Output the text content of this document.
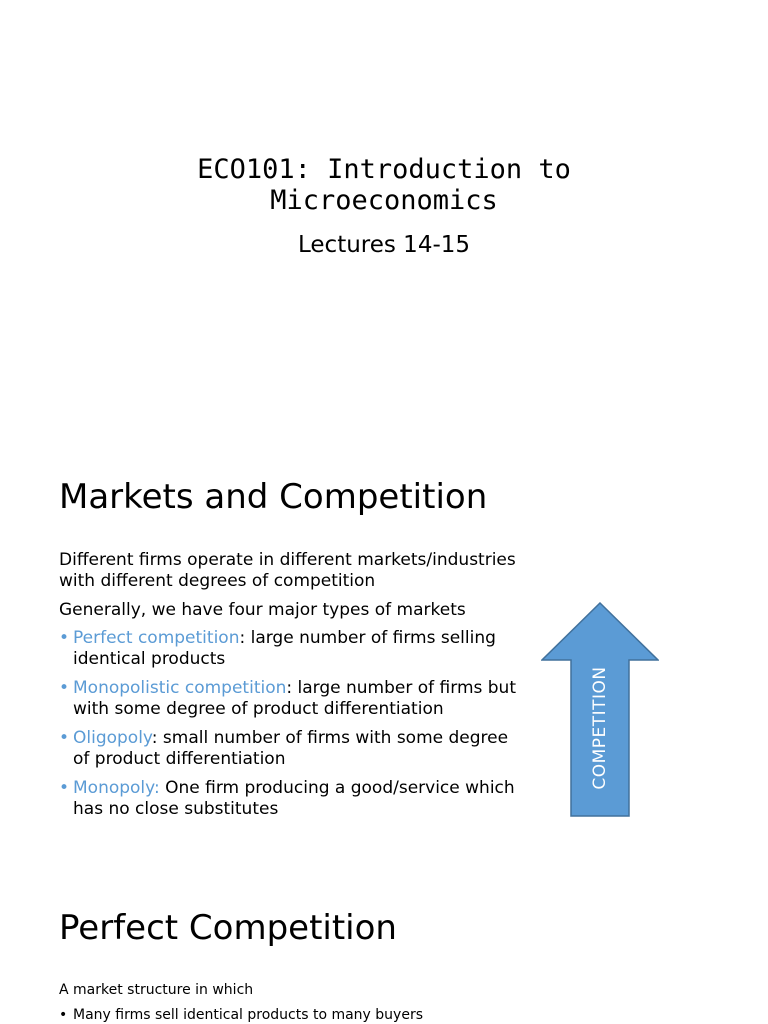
ECO101: Introduction to
Microeconomics
Lectures 14-15
Markets and Competition
Different firms operate in different markets/industries with different degrees of competition
Generally, we have four major types of markets
• Perfect competition: large number of firms selling identical products
• Monopolistic competition: large number of firms but with some degree of product differentiation
• Oligopoly: small number of firms with some degree of product differentiation
• Monopoly: One firm producing a good/service which has no close substitutes
COMPETITION
Perfect Competition
A market structure in which
• Many firms sell identical products to many buyers
